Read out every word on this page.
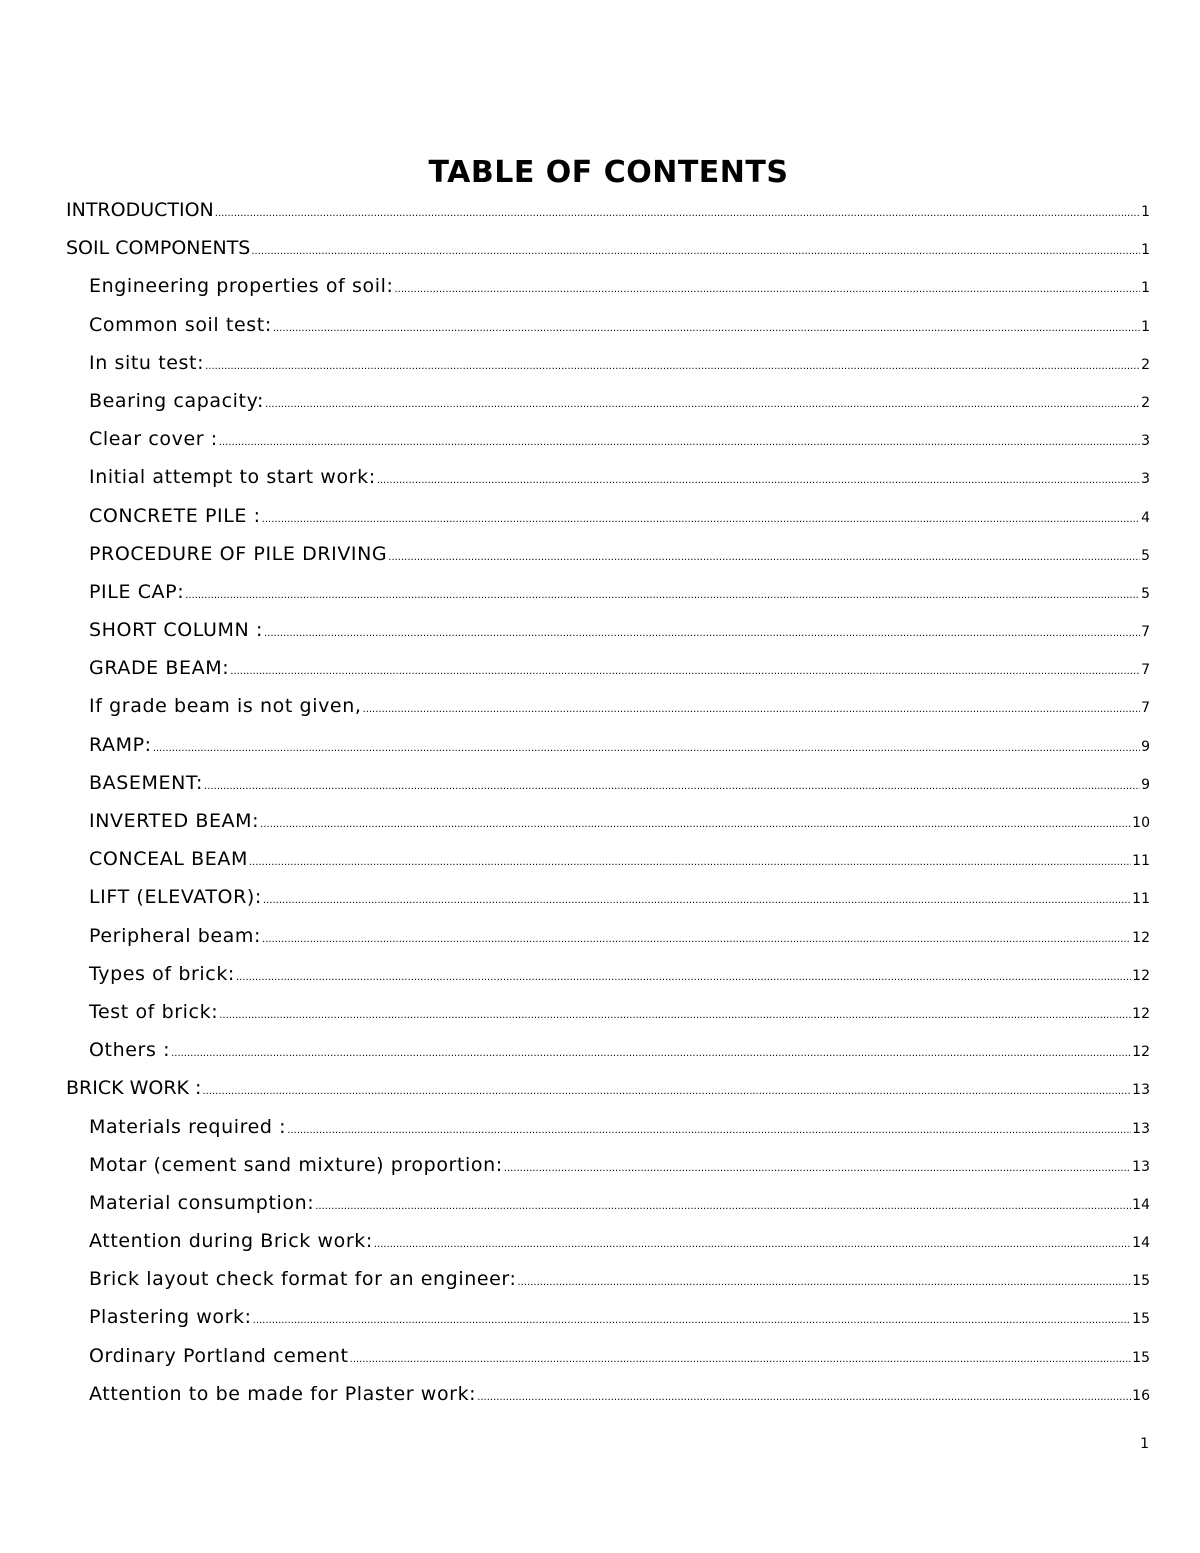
TABLE OF CONTENTS
INTRODUCTION .....	1
SOIL COMPONENTS .....	1
Engineering properties of soil: .....	1
Common soil test: .....	1
In situ test: .....	2
Bearing capacity: .....	2
Clear cover : .....	3
Initial attempt to start work: .....	3
CONCRETE PILE : .....	4
PROCEDURE OF PILE DRIVING .....	5
PILE CAP: .....	5
SHORT COLUMN : .....	7
GRADE BEAM: .....	7
If grade beam is not given, .....	7
RAMP: .....	9
BASEMENT: .....	9
INVERTED BEAM: .....	10
CONCEAL BEAM .....	11
LIFT (ELEVATOR): .....	11
Peripheral beam: .....	12
Types of brick: .....	12
Test of brick: .....	12
Others : .....	12
BRICK WORK : .....	13
Materials required : .....	13
Motar (cement sand mixture) proportion: .....	13
Material consumption: .....	14
Attention during Brick work: .....	14
Brick layout check format for an engineer: .....	15
Plastering work: .....	15
Ordinary Portland cement .....	15
Attention to be made for Plaster work: .....	16
1
